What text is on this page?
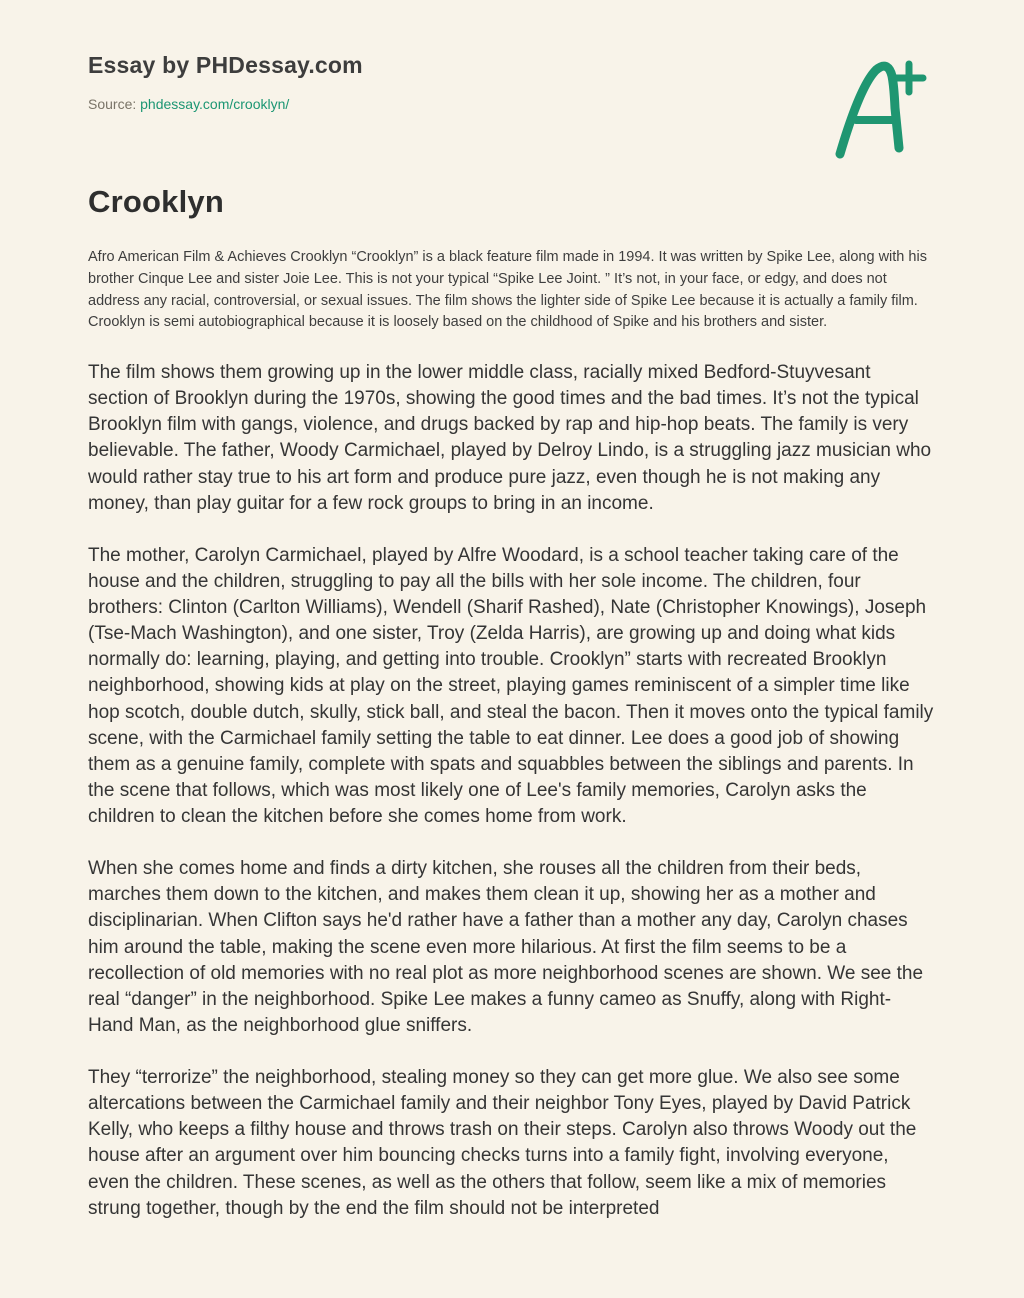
Essay by PHDessay.com
Source: phdessay.com/crooklyn/
Crooklyn

Afro American Film & Achieves Crooklyn “Crooklyn” is a black feature film made in 1994. It was written by Spike Lee, along with his brother Cinque Lee and sister Joie Lee. This is not your typical “Spike Lee Joint. ” It’s not, in your face, or edgy, and does not address any racial, controversial, or sexual issues. The film shows the lighter side of Spike Lee because it is actually a family film. Crooklyn is semi autobiographical because it is loosely based on the childhood of Spike and his brothers and sister.

The film shows them growing up in the lower middle class, racially mixed Bedford-Stuyvesant section of Brooklyn during the 1970s, showing the good times and the bad times. It’s not the typical Brooklyn film with gangs, violence, and drugs backed by rap and hip-hop beats. The family is very believable. The father, Woody Carmichael, played by Delroy Lindo, is a struggling jazz musician who would rather stay true to his art form and produce pure jazz, even though he is not making any money, than play guitar for a few rock groups to bring in an income.

The mother, Carolyn Carmichael, played by Alfre Woodard, is a school teacher taking care of the house and the children, struggling to pay all the bills with her sole income. The children, four brothers: Clinton (Carlton Williams), Wendell (Sharif Rashed), Nate (Christopher Knowings), Joseph (Tse-Mach Washington), and one sister, Troy (Zelda Harris), are growing up and doing what kids normally do: learning, playing, and getting into trouble. Crooklyn” starts with recreated Brooklyn neighborhood, showing kids at play on the street, playing games reminiscent of a simpler time like hop scotch, double dutch, skully, stick ball, and steal the bacon. Then it moves onto the typical family scene, with the Carmichael family setting the table to eat dinner. Lee does a good job of showing them as a genuine family, complete with spats and squabbles between the siblings and parents. In the scene that follows, which was most likely one of Lee's family memories, Carolyn asks the children to clean the kitchen before she comes home from work.

When she comes home and finds a dirty kitchen, she rouses all the children from their beds, marches them down to the kitchen, and makes them clean it up, showing her as a mother and disciplinarian. When Clifton says he'd rather have a father than a mother any day, Carolyn chases him around the table, making the scene even more hilarious. At first the film seems to be a recollection of old memories with no real plot as more neighborhood scenes are shown. We see the real “danger” in the neighborhood. Spike Lee makes a funny cameo as Snuffy, along with Right-Hand Man, as the neighborhood glue sniffers.

They “terrorize” the neighborhood, stealing money so they can get more glue. We also see some altercations between the Carmichael family and their neighbor Tony Eyes, played by David Patrick Kelly, who keeps a filthy house and throws trash on their steps. Carolyn also throws Woody out the house after an argument over him bouncing checks turns into a family fight, involving everyone, even the children. These scenes, as well as the others that follow, seem like a mix of memories strung together, though by the end the film should not be interpreted
